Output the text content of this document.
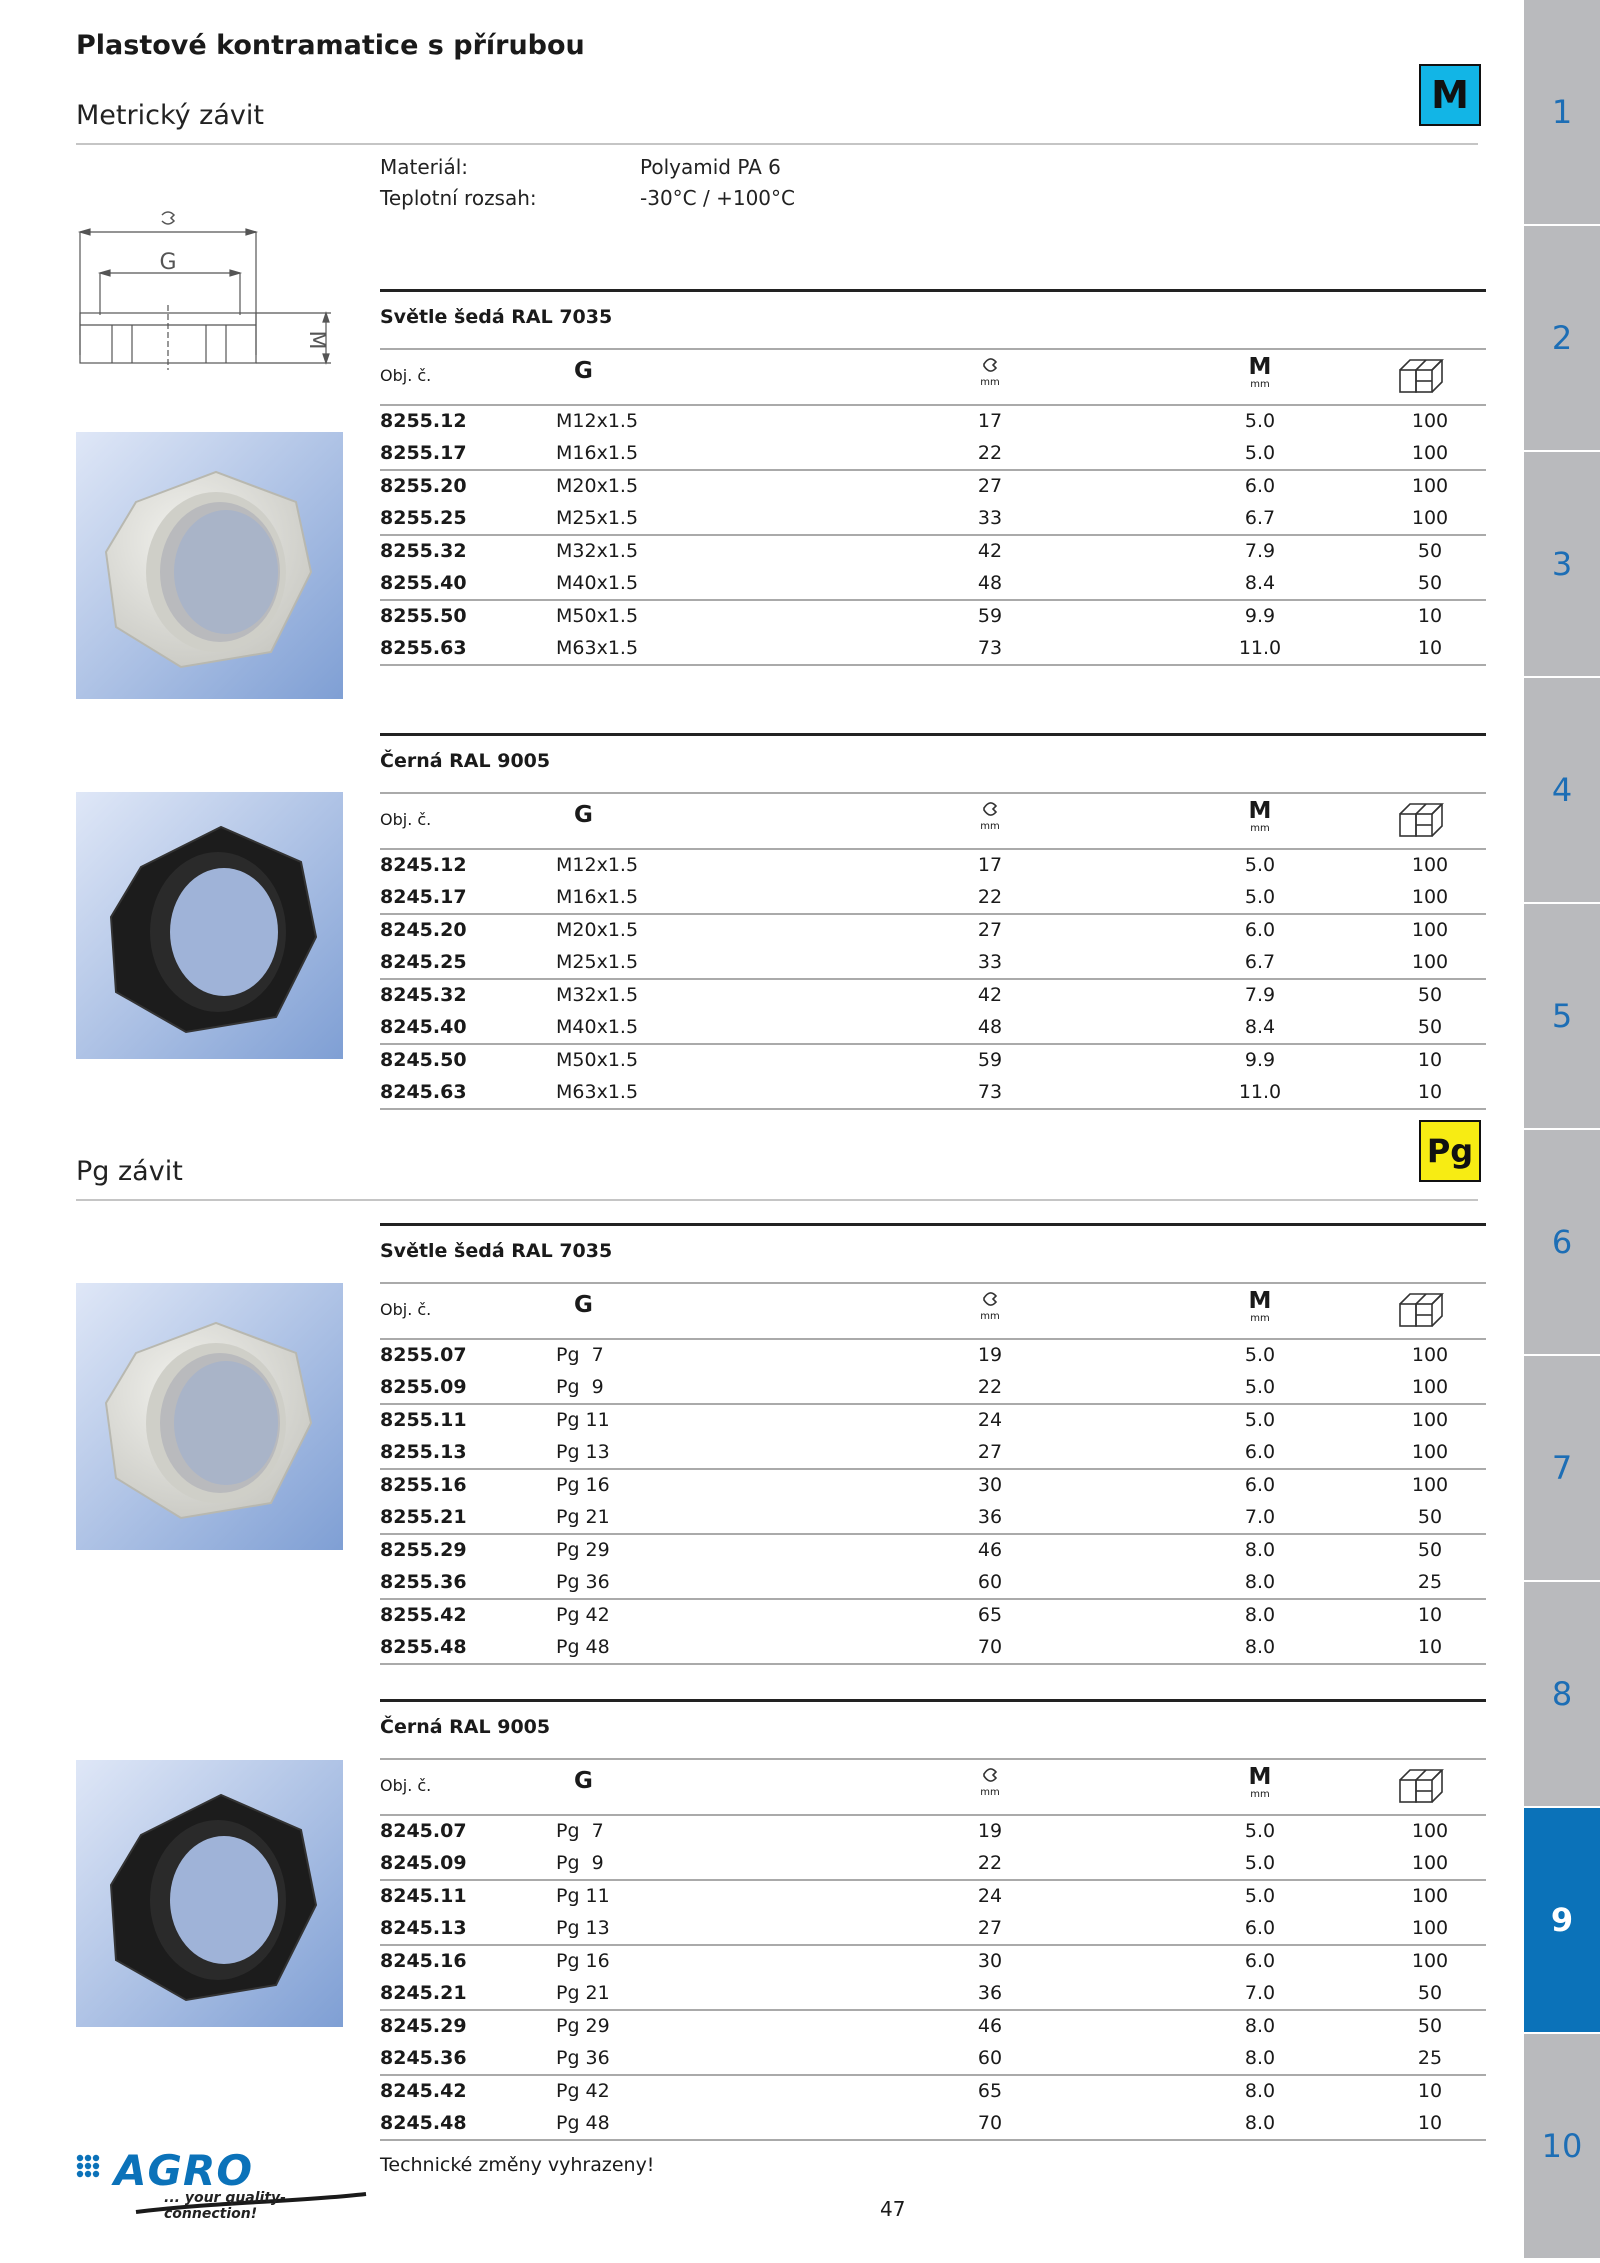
1
2
3
4
5
6
7
8
9
10
Plastové kontramatice s přírubou
Metrický závit	M
Materiál:	Polyamid PA 6
Teplotní rozsah:	-30°C / +100°C
G
M
Pg závit
Pg
Světle šedá RAL 7035
Obj. č.	G	mm
M
mm
8255.12	M12x1.5	17	5.0	100
8255.17	M16x1.5	22	5.0	100
8255.20	M20x1.5	27	6.0	100
8255.25	M25x1.5	33	6.7	100
8255.32	M32x1.5	42	7.9	50
8255.40	M40x1.5	48	8.4	50
8255.50	M50x1.5	59	9.9	10
8255.63	M63x1.5	73	11.0	10
Černá RAL 9005
Obj. č.	G	mm
M
mm
8245.12	M12x1.5	17	5.0	100
8245.17	M16x1.5	22	5.0	100
8245.20	M20x1.5	27	6.0	100
8245.25	M25x1.5	33	6.7	100
8245.32	M32x1.5	42	7.9	50
8245.40	M40x1.5	48	8.4	50
8245.50	M50x1.5	59	9.9	10
8245.63	M63x1.5	73	11.0	10
Světle šedá RAL 7035
Obj. č.	G	mm
M
mm
8255.07	Pg  7	19	5.0	100
8255.09	Pg  9	22	5.0	100
8255.11	Pg 11	24	5.0	100
8255.13	Pg 13	27	6.0	100
8255.16	Pg 16	30	6.0	100
8255.21	Pg 21	36	7.0	50
8255.29	Pg 29	46	8.0	50
8255.36	Pg 36	60	8.0	25
8255.42	Pg 42	65	8.0	10
8255.48	Pg 48	70	8.0	10
Černá RAL 9005
Obj. č.	G	mm
M
mm
8245.07	Pg  7	19	5.0	100
8245.09	Pg  9	22	5.0	100
8245.11	Pg 11	24	5.0	100
8245.13	Pg 13	27	6.0	100
8245.16	Pg 16	30	6.0	100
8245.21	Pg 21	36	7.0	50
8245.29	Pg 29	46	8.0	50
8245.36	Pg 36	60	8.0	25
8245.42	Pg 42	65	8.0	10
8245.48	Pg 48	70	8.0	10
AGRO
... your quality-connection!
Technické změny vyhrazeny!
47
